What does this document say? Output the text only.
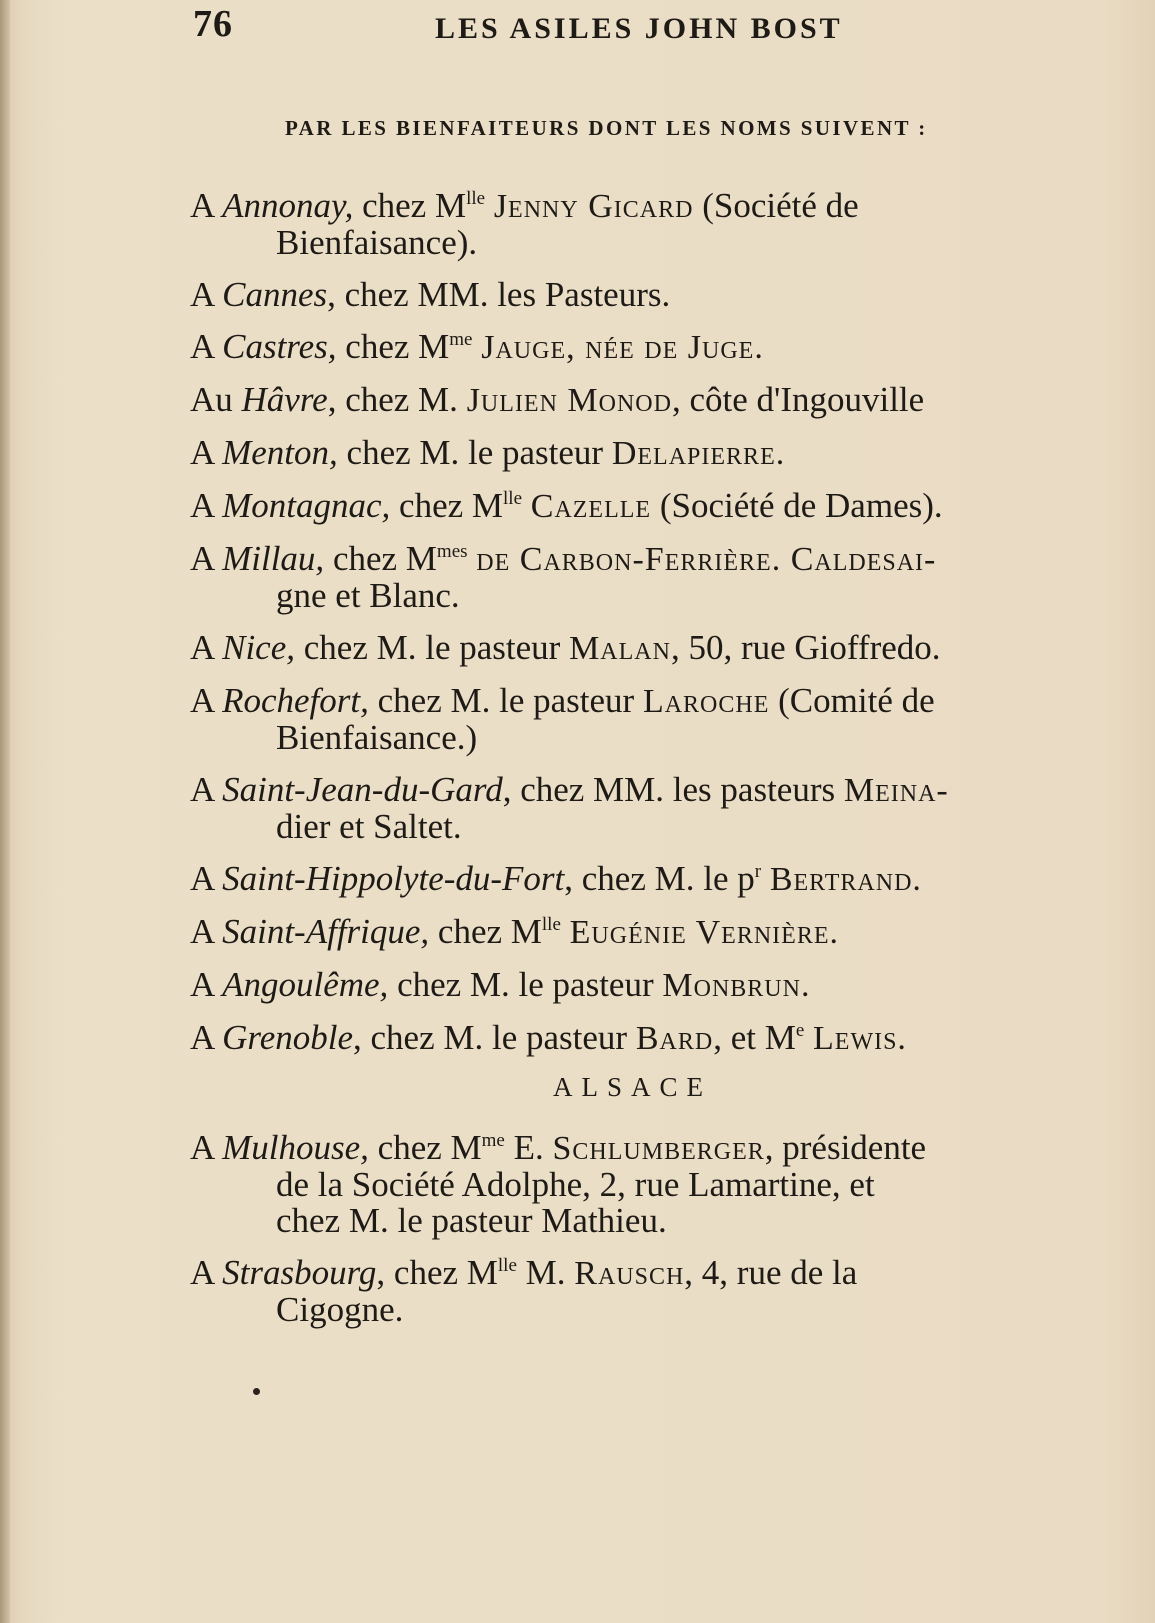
76	LES ASILES JOHN BOST
PAR LES BIENFAITEURS DONT LES NOMS SUIVENT :
A Annonay, chez $M^{lle}$ Jenny Gicard (Société de
Bienfaisance).
A Cannes, chez MM. les Pasteurs.
A Castres, chez $M^{me}$ Jauge, née de Juge.
Au Hâvre, chez M. Julien Monod, côte d'Ingouville
A Menton, chez M. le pasteur Delapierre.
A Montagnac, chez $M^{lle}$ Cazelle (Société de Dames).
A Millau, chez $M^{mes}$ de Carbon-Ferrière. Caldesai-
gne et Blanc.
A Nice, chez M. le pasteur Malan, 50, rue Gioffredo.
A Rochefort, chez M. le pasteur Laroche (Comité de
Bienfaisance.)
A Saint-Jean-du-Gard, chez MM. les pasteurs Meina-
dier et Saltet.
A Saint-Hippolyte-du-Fort, chez M. le $p^r$ Bertrand.
A Saint-Affrique, chez $M^{lle}$ Eugénie Vernière.
A Angoulême, chez M. le pasteur Monbrun.
A Grenoble, chez M. le pasteur Bard, et Me Lewis.
ALSACE
A Mulhouse, chez $M^{me}$ E. Schlumberger, présidente
de la Société Adolphe, 2, rue Lamartine, et
chez M. le pasteur Mathieu.
A Strasbourg, chez $M^{lle}$ M. Rausch, 4, rue de la
Cigogne.
